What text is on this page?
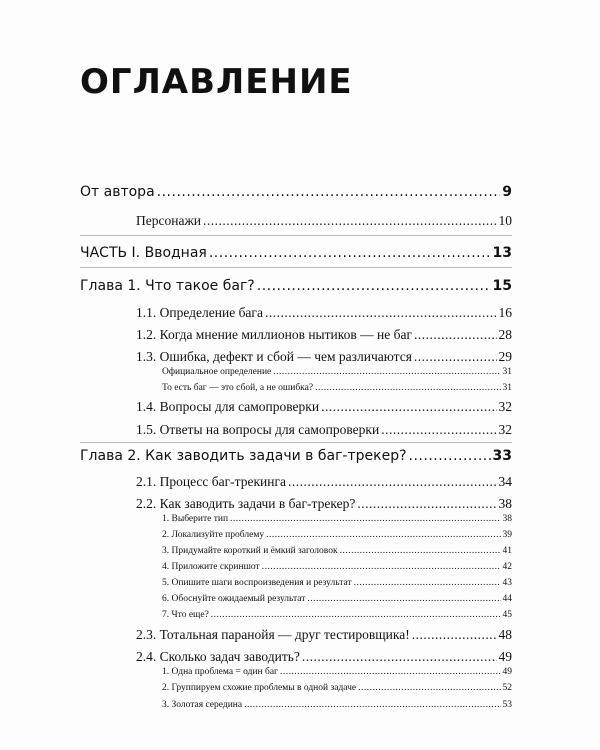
ОГЛАВЛЕНИЕ
От автора .....	9
Персонажи .....	10
ЧАСТЬ I. Вводная .....	13
Глава 1. Что такое баг? .....	15
1.1. Определение бага .....	16
1.2. Когда мнение миллионов нытиков — не баг .....	28
1.3. Ошибка, дефект и сбой — чем различаются .....	29
Официальное определение .....	31
То есть баг — это сбой, а не ошибка? .....	31
1.4. Вопросы для самопроверки .....	32
1.5. Ответы на вопросы для самопроверки .....	32
Глава 2. Как заводить задачи в баг-трекер? .....	33
2.1. Процесс баг-трекинга .....	34
2.2. Как заводить задачи в баг-трекер? .....	38
1. Выберите тип .....	38
2. Локализуйте проблему .....	39
3. Придумайте короткий и ёмкий заголовок .....	41
4. Приложите скриншот .....	42
5. Опишите шаги воспроизведения и результат .....	43
6. Обоснуйте ожидаемый результат .....	44
7. Что еще? .....	45
2.3. Тотальная паранойя — друг тестировщика! .....	48
2.4. Сколько задач заводить? .....	49
1. Одна проблема = один баг .....	49
2. Группируем схожие проблемы в одной задаче .....	52
3. Золотая середина .....	53
